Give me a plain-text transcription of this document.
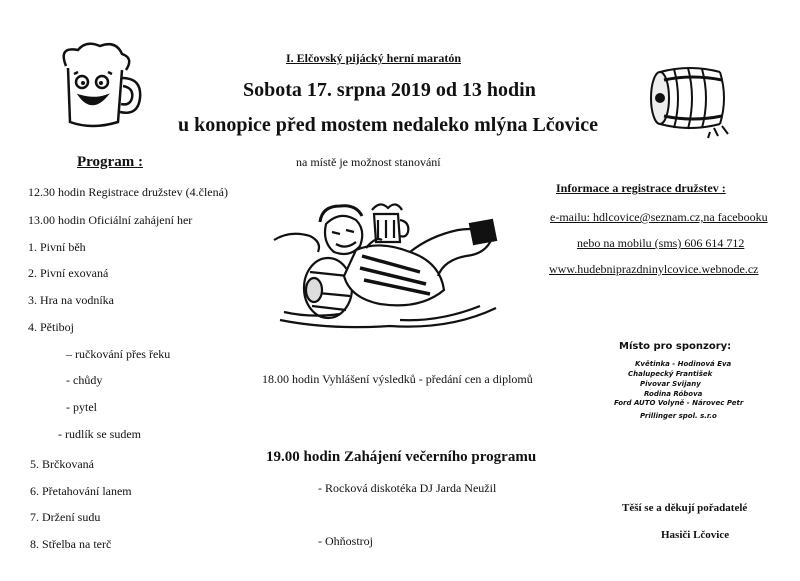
I. Elčovský pijácký herní maratón
Sobota 17. srpna 2019 od 13 hodin
u konopice před mostem nedaleko mlýna Lčovice
Program :
12.30 hodin Registrace družstev (4.člená)
13.00 hodin Oficiální zahájení her
1. Pivní běh
2. Pivní exovaná
3. Hra na vodníka
4. Pětiboj
– ručkování přes řeku
- chůdy
- pytel
- rudlík se sudem
5. Brčkovaná
6. Přetahování lanem
7. Držení sudu
8. Střelba na terč
na místě je možnost stanování
18.00 hodin Vyhlášení výsledků - předání cen a diplomů
19.00 hodin Zahájení večerního programu
- Rocková diskotéka DJ Jarda Neužil
- Ohňostroj
Informace a registrace družstev :
e-mailu: hdlcovice@seznam.cz,na facebooku
nebo na mobilu (sms) 606 614 712
www.hudebniprazdninylcovice.webnode.cz
Místo pro sponzory:
Květinka - Hodinová Eva
Chalupecký František
Pivovar Svijany
Rodina Róbova
Ford AUTO Volyně - Nárovec Petr
Prillinger spol. s.r.o
Těší se a děkují pořadatelé
Hasiči Lčovice
